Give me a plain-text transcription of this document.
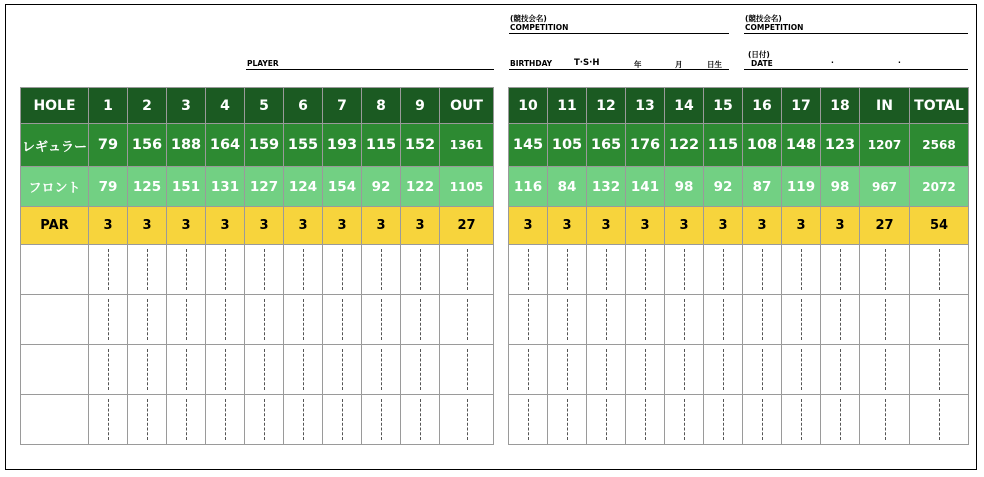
(競技会名)
COMPETITION
(競技会名)
COMPETITION
PLAYER	BIRTHDAY	T·S·H	年	月	日生
(日付)
DATE	·	·
HOLE	1	2	3	4	5	6	7	8	9	OUT
レギュラー	79	156	188	164	159	155	193	115	152	1361
フロント	79	125	151	131	127	124	154	92	122	1105
PAR	3	3	3	3	3	3	3	3	3	27

10	11	12	13	14	15	16	17	18	IN	TOTAL
145	105	165	176	122	115	108	148	123	1207	2568
116	84	132	141	98	92	87	119	98	967	2072
3	3	3	3	3	3	3	3	3	27	54
